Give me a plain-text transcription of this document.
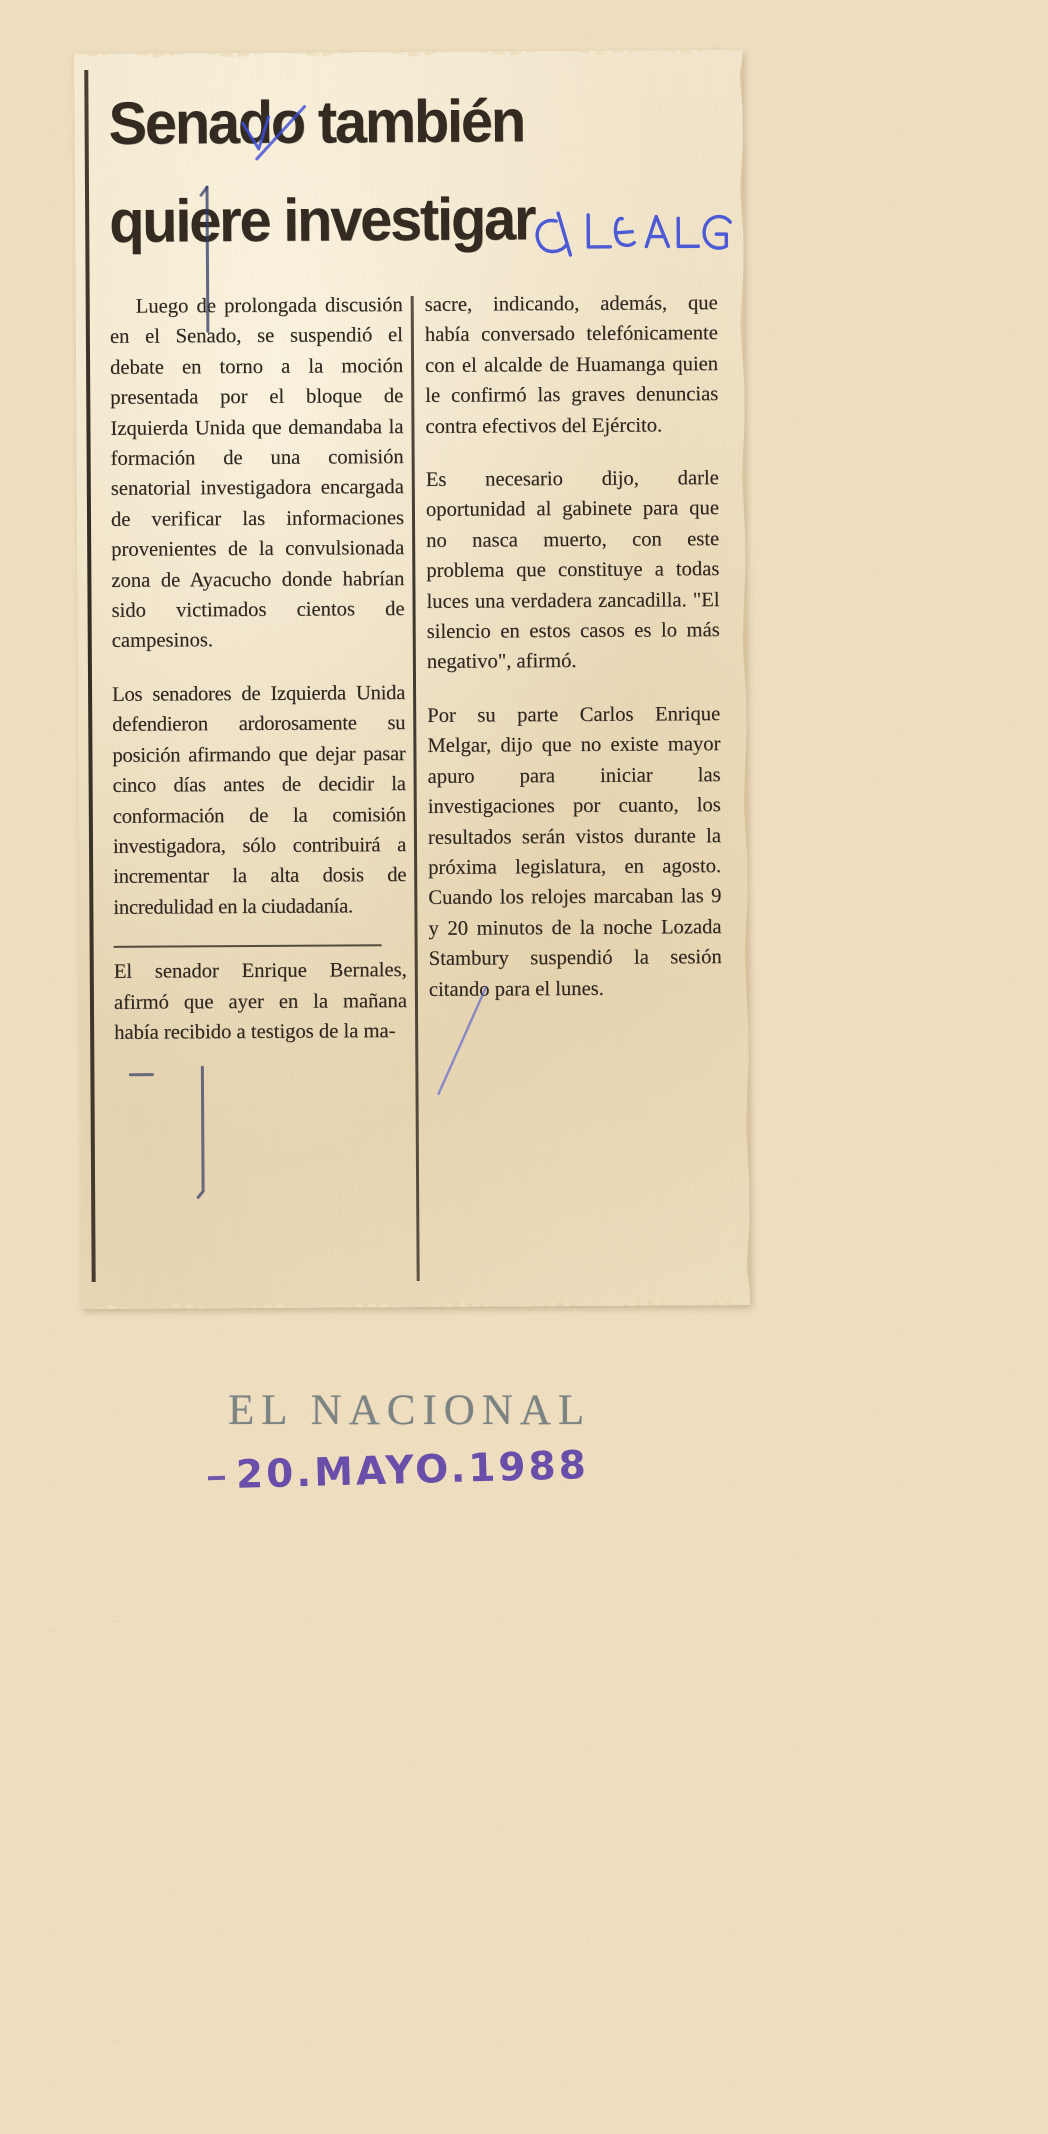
Senado también
quiere investigar

Luego de prolongada discusión en el Senado, se suspendió el debate en torno a la moción presentada por el bloque de Izquierda Unida que demandaba la formación de una comisión senatorial investigadora encargada de verificar las informaciones provenientes de la convulsionada zona de Ayacucho donde habrían sido victimados cientos de campesinos.

Los senadores de Izquierda Unida defendieron ardorosamente su posición afirmando que dejar pasar cinco días antes de decidir la conformación de la comisión investigadora, sólo contribuirá a incrementar la alta dosis de incredulidad en la ciudadanía.

El senador Enrique Bernales, afirmó que ayer en la mañana había recibido a testigos de la ma-

sacre, indicando, además, que había conversado telefónicamente con el alcalde de Huamanga quien le confirmó las graves denuncias contra efectivos del Ejército.

Es necesario dijo, darle oportunidad al gabinete para que no nasca muerto, con este problema que constituye a todas luces una verdadera zancadilla. "El silencio en estos casos es lo más negativo", afirmó.

Por su parte Carlos Enrique Melgar, dijo que no existe mayor apuro para iniciar las investigaciones por cuanto, los resultados serán vistos durante la próxima legislatura, en agosto. Cuando los relojes marcaban las 9 y 20 minutos de la noche Lozada Stambury suspendió la sesión citando para el lunes.

EL NACIONAL
20.MAYO.1988
